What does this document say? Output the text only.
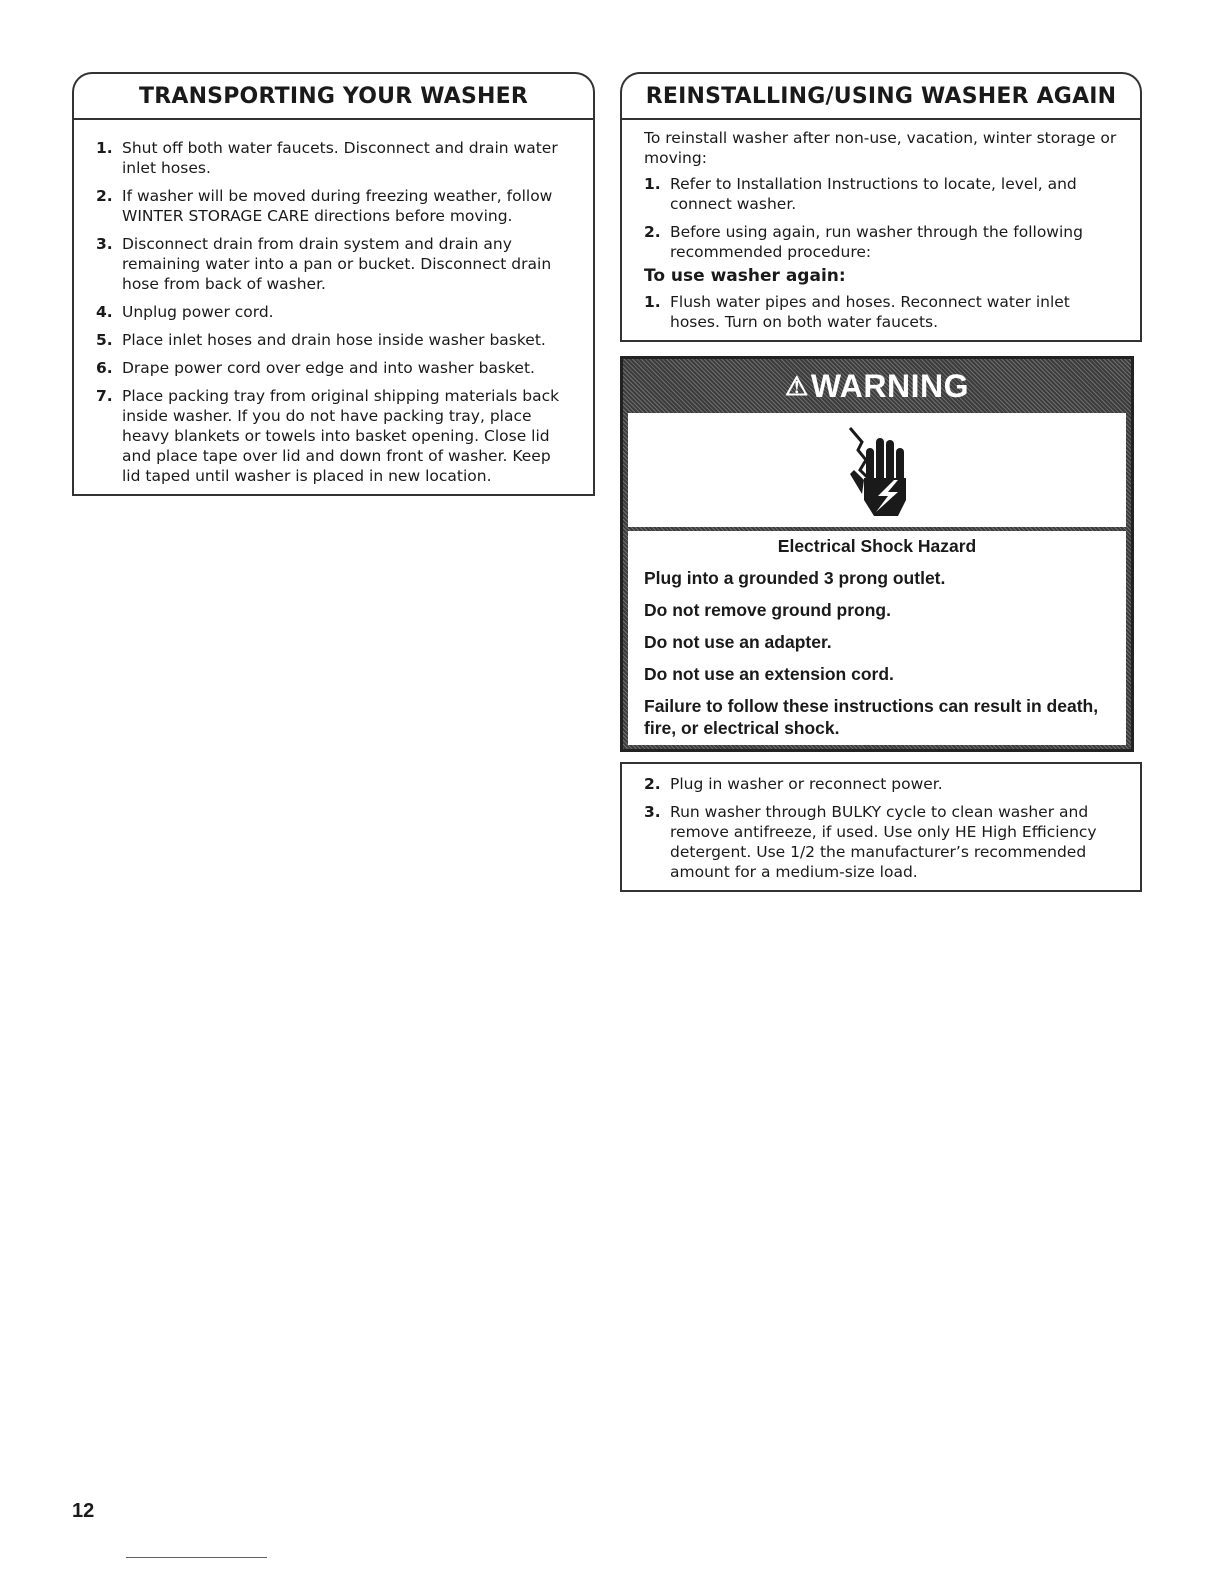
TRANSPORTING YOUR WASHER
1. Shut off both water faucets. Disconnect and drain water inlet hoses.
2. If washer will be moved during freezing weather, follow WINTER STORAGE CARE directions before moving.
3. Disconnect drain from drain system and drain any remaining water into a pan or bucket. Disconnect drain hose from back of washer.
4. Unplug power cord.
5. Place inlet hoses and drain hose inside washer basket.
6. Drape power cord over edge and into washer basket.
7. Place packing tray from original shipping materials back inside washer. If you do not have packing tray, place heavy blankets or towels into basket opening. Close lid and place tape over lid and down front of washer. Keep lid taped until washer is placed in new location.
REINSTALLING/USING WASHER AGAIN

To reinstall washer after non-use, vacation, winter storage or moving:

1. Refer to Installation Instructions to locate, level, and connect washer.
2. Before using again, run washer through the following recommended procedure:
To use washer again:
1. Flush water pipes and hoses. Reconnect water inlet hoses. Turn on both water faucets.
⚠ WARNING
Electrical Shock Hazard
Plug into a grounded 3 prong outlet.
Do not remove ground prong.
Do not use an adapter.
Do not use an extension cord.
Failure to follow these instructions can result in death, fire, or electrical shock.
2. Plug in washer or reconnect power.
3. Run washer through BULKY cycle to clean washer and remove antifreeze, if used. Use only HE High Efficiency detergent. Use 1/2 the manufacturer’s recommended amount for a medium-size load.
12
